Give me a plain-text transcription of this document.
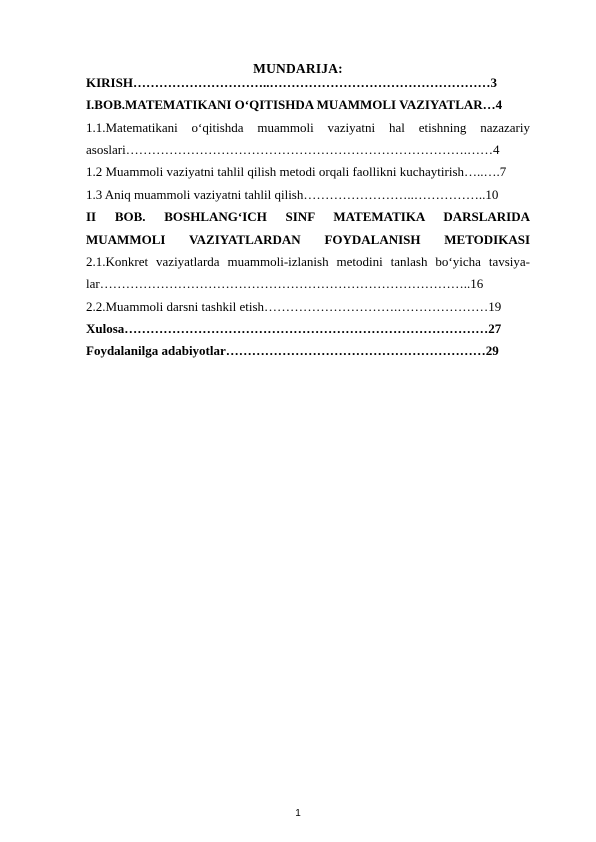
MUNDARIJA:
KIRISH…………………………..……………………………………………3
I.BOB.MATEMATIKANI O‘QITISHDA MUAMMOLI VAZIYATLAR…4
1.1.Matematikani o‘qitishda muammoli vaziyatni hal etishning nazazariy
asoslari…………………………………………………………………….……4
1.2 Muammoli vaziyatni tahlil qilish metodi orqali faollikni kuchaytirish…..….7
1.3 Aniq muammoli vaziyatni tahlil qilish……………………..……………..10
II BOB. BOSHLANG‘ICH SINF MATEMATIKA DARSLARIDA
MUAMMOLI VAZIYATLARDAN FOYDALANISH METODIKASI
2.1.Konkret vaziyatlarda muammoli-izlanish metodini tanlash bo‘yicha tavsiya-
lar…………………………………………………………………………..16
2.2.Muammoli darsni tashkil etish………………………….…………………19
Xulosa…………………………………………………………………………27
Foydalanilga adabiyotlar……………………………………………………29
1
